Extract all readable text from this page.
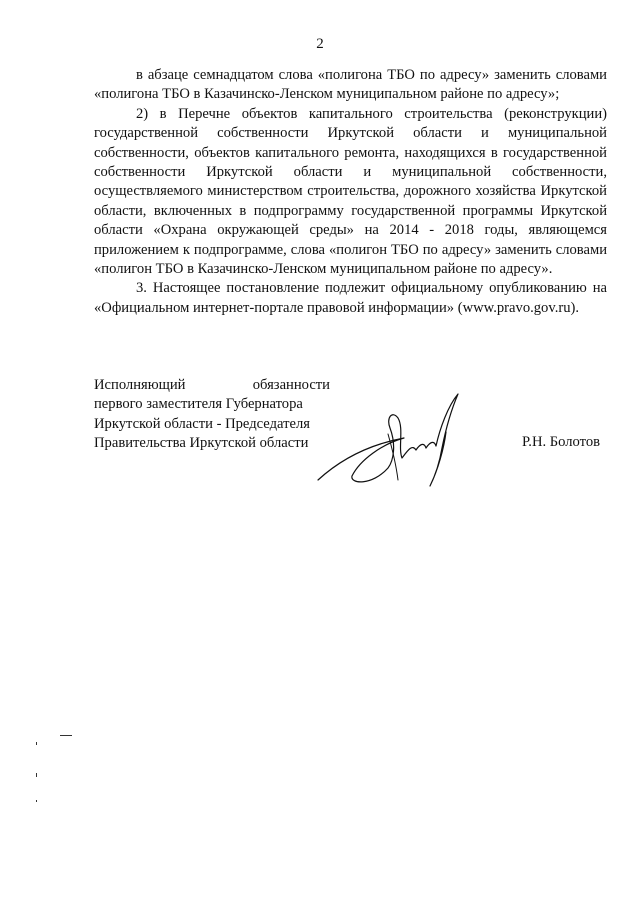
2

в абзаце семнадцатом слова «полигона ТБО по адресу» заменить словами «полигона ТБО в Казачинско-Ленском муниципальном районе по адресу»;

2) в Перечне объектов капитального строительства (реконструкции) государственной собственности Иркутской области и муниципальной собственности, объектов капитального ремонта, находящихся в государственной собственности Иркутской области и муниципальной собственности, осуществляемого министерством строительства, дорожного хозяйства Иркутской области, включенных в подпрограмму государственной программы Иркутской области «Охрана окружающей среды» на 2014 - 2018 годы, являющемся приложением к подпрограмме, слова «полигон ТБО по адресу» заменить словами «полигон ТБО в Казачинско-Ленском муниципальном районе по адресу».

3. Настоящее постановление подлежит официальному опубликованию на «Официальном интернет-портале правовой информации» (www.pravo.gov.ru).

Исполняющий обязанности
первого заместителя Губернатора
Иркутской области - Председателя
Правительства Иркутской области	Р.Н. Болотов
